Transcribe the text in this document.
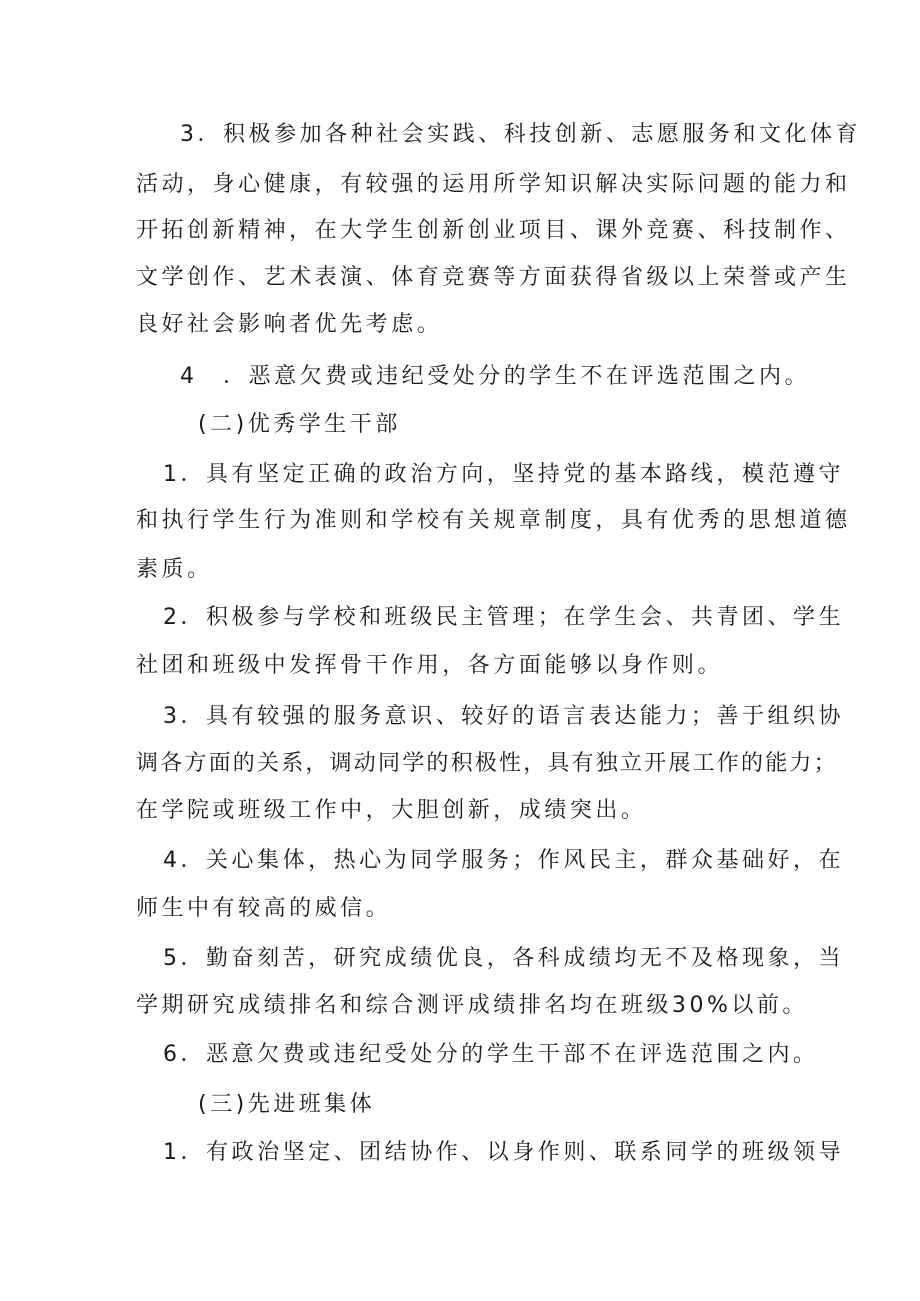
3．积极参加各种社会实践、科技创新、志愿服务和文化体育
活动，身心健康，有较强的运用所学知识解决实际问题的能力和
开拓创新精神，在大学生创新创业项目、课外竞赛、科技制作、
文学创作、艺术表演、体育竞赛等方面获得省级以上荣誉或产生
良好社会影响者优先考虑。
4　．恶意欠费或违纪受处分的学生不在评选范围之内。
(二)优秀学生干部
1．具有坚定正确的政治方向，坚持党的基本路线，模范遵守
和执行学生行为准则和学校有关规章制度，具有优秀的思想道德
素质。
2．积极参与学校和班级民主管理；在学生会、共青团、学生
社团和班级中发挥骨干作用，各方面能够以身作则。
3．具有较强的服务意识、较好的语言表达能力；善于组织协
调各方面的关系，调动同学的积极性，具有独立开展工作的能力；
在学院或班级工作中，大胆创新，成绩突出。
4．关心集体，热心为同学服务；作风民主，群众基础好，在
师生中有较高的威信。
5．勤奋刻苦，研究成绩优良，各科成绩均无不及格现象，当
学期研究成绩排名和综合测评成绩排名均在班级30%以前。
6．恶意欠费或违纪受处分的学生干部不在评选范围之内。
(三)先进班集体
1．有政治坚定、团结协作、以身作则、联系同学的班级领导
